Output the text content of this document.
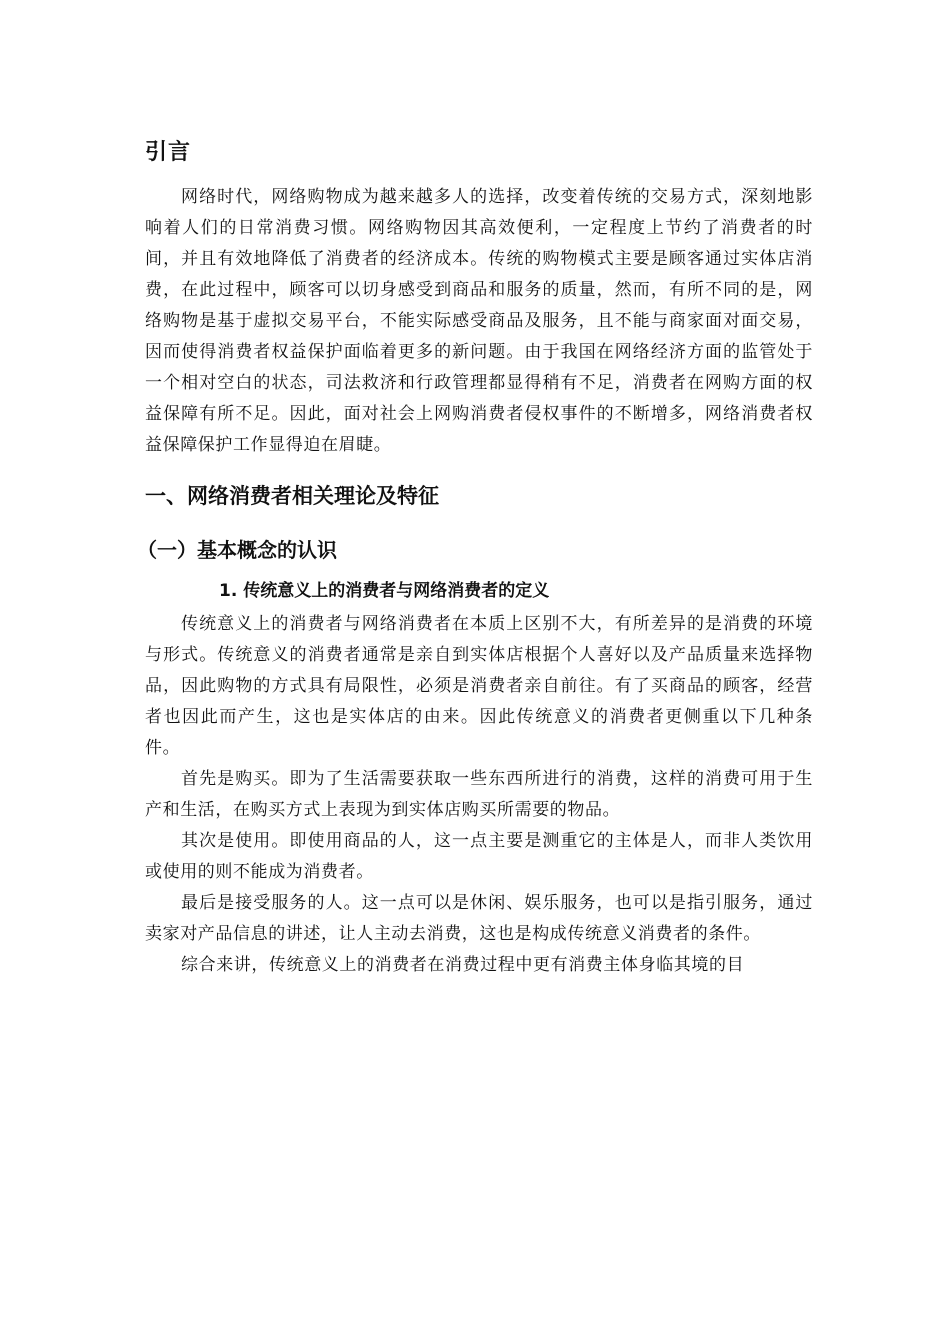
引言

网络时代，网络购物成为越来越多人的选择，改变着传统的交易方式，深刻地影响着人们的日常消费习惯。网络购物因其高效便利，一定程度上节约了消费者的时间，并且有效地降低了消费者的经济成本。传统的购物模式主要是顾客通过实体店消费，在此过程中，顾客可以切身感受到商品和服务的质量，然而，有所不同的是，网络购物是基于虚拟交易平台，不能实际感受商品及服务，且不能与商家面对面交易，因而使得消费者权益保护面临着更多的新问题。由于我国在网络经济方面的监管处于一个相对空白的状态，司法救济和行政管理都显得稍有不足，消费者在网购方面的权益保障有所不足。因此，面对社会上网购消费者侵权事件的不断增多，网络消费者权益保障保护工作显得迫在眉睫。

一、网络消费者相关理论及特征
（一）基本概念的认识
1. 传统意义上的消费者与网络消费者的定义

传统意义上的消费者与网络消费者在本质上区别不大，有所差异的是消费的环境与形式。传统意义的消费者通常是亲自到实体店根据个人喜好以及产品质量来选择物品，因此购物的方式具有局限性，必须是消费者亲自前往。有了买商品的顾客，经营者也因此而产生，这也是实体店的由来。因此传统意义的消费者更侧重以下几种条件。

首先是购买。即为了生活需要获取一些东西所进行的消费，这样的消费可用于生产和生活，在购买方式上表现为到实体店购买所需要的物品。

其次是使用。即使用商品的人，这一点主要是测重它的主体是人，而非人类饮用或使用的则不能成为消费者。

最后是接受服务的人。这一点可以是休闲、娱乐服务，也可以是指引服务，通过卖家对产品信息的讲述，让人主动去消费，这也是构成传统意义消费者的条件。

综合来讲，传统意义上的消费者在消费过程中更有消费主体身临其境的目
